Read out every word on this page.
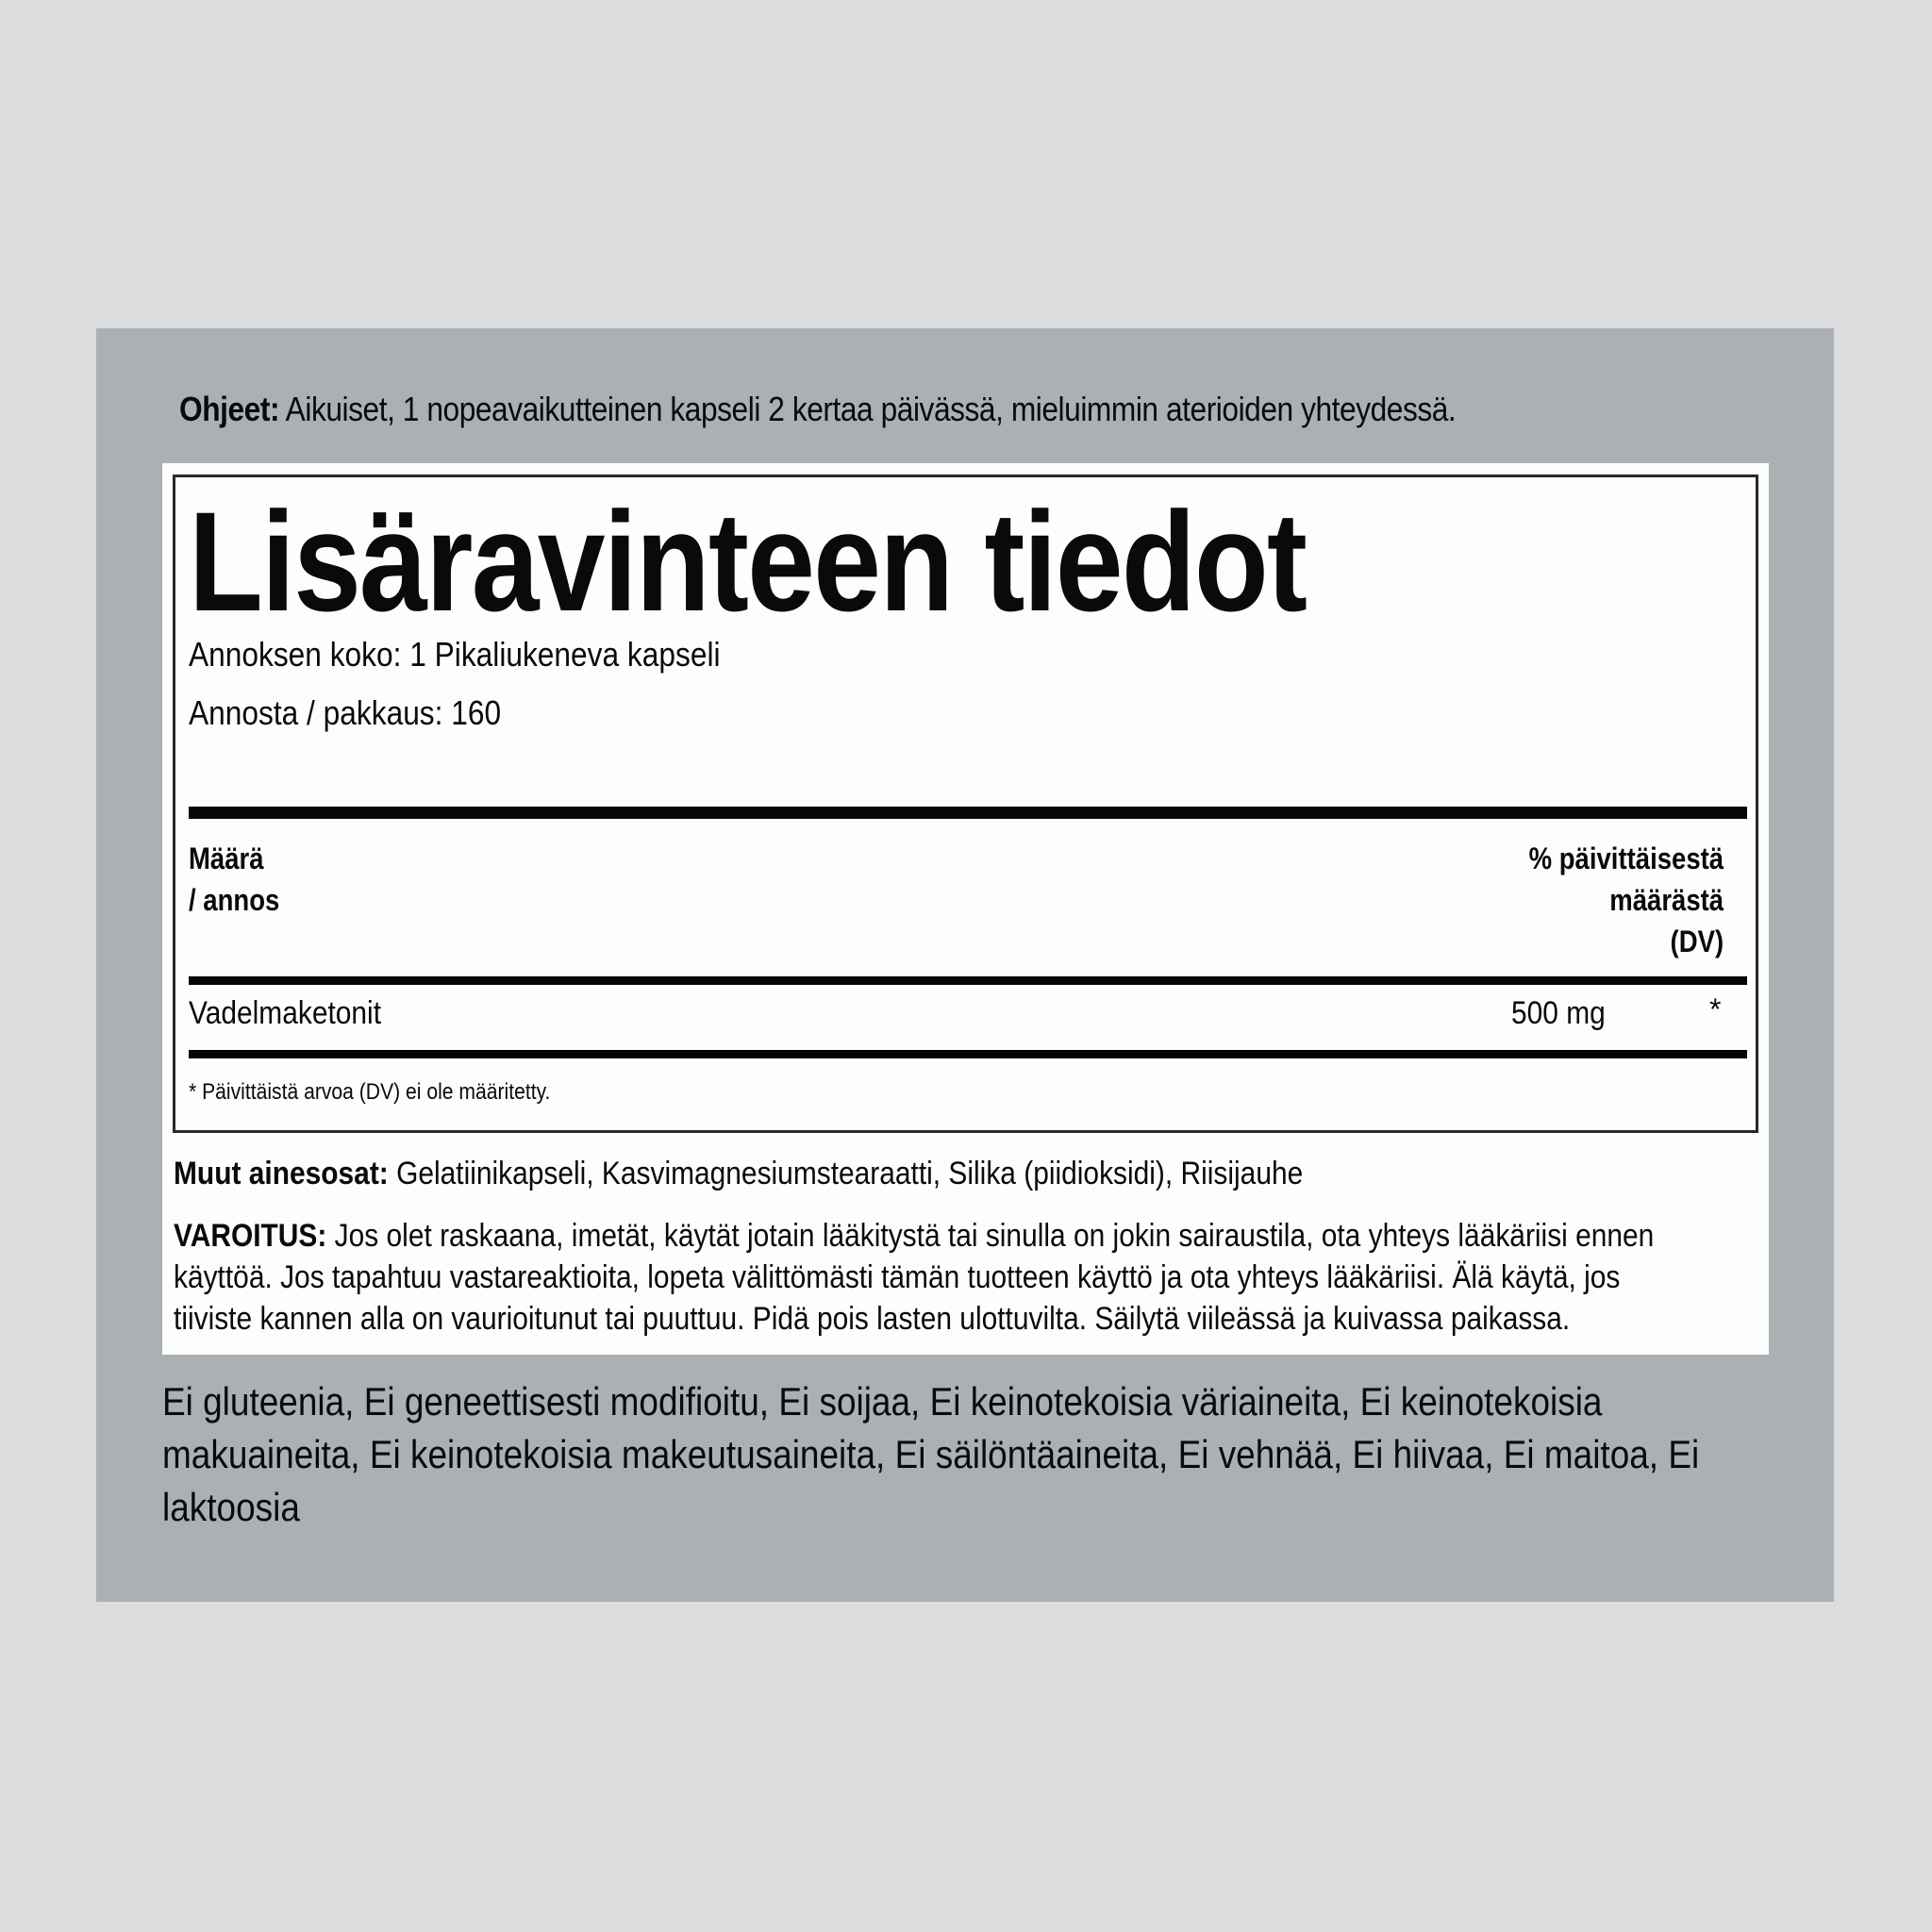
Ohjeet: Aikuiset, 1 nopeavaikutteinen kapseli 2 kertaa päivässä, mieluimmin aterioiden yhteydessä.
Lisäravinteen tiedot
Annoksen koko: 1 Pikaliukeneva kapseli
Annosta / pakkaus: 160
Määrä
/ annos
% päivittäisestä
määrästä
(DV)
Vadelmaketonit	500 mg	*
* Päivittäistä arvoa (DV) ei ole määritetty.
Muut ainesosat: Gelatiinikapseli, Kasvimagnesiumstearaatti, Silika (piidioksidi), Riisijauhe
VAROITUS: Jos olet raskaana, imetät, käytät jotain lääkitystä tai sinulla on jokin sairaustila, ota yhteys lääkäriisi ennen
käyttöä. Jos tapahtuu vastareaktioita, lopeta välittömästi tämän tuotteen käyttö ja ota yhteys lääkäriisi. Älä käytä, jos
tiiviste kannen alla on vaurioitunut tai puuttuu. Pidä pois lasten ulottuvilta. Säilytä viileässä ja kuivassa paikassa.
Ei gluteenia, Ei geneettisesti modifioitu, Ei soijaa, Ei keinotekoisia väriaineita, Ei keinotekoisia
makuaineita, Ei keinotekoisia makeutusaineita, Ei säilöntäaineita, Ei vehnää, Ei hiivaa, Ei maitoa, Ei
laktoosia
